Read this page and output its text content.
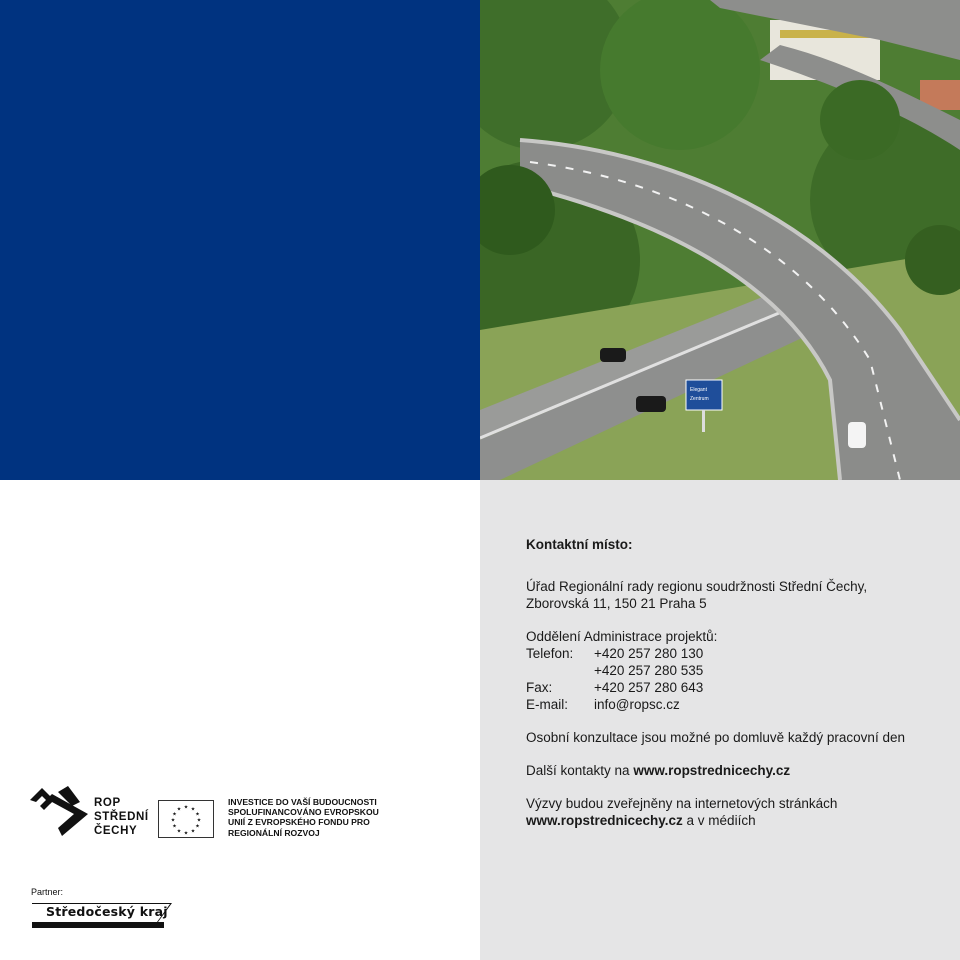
Elegant
Zentrum

Kontaktní místo:

Úřad Regionální rady regionu soudržnosti Střední Čechy,

Zborovská 11, 150 21 Praha 5

Oddělení Administrace projektů:

Telefon:	+420 257 280 130
+420 257 280 535
Fax:	+420 257 280 643
E-mail:	info@ropsc.cz

Osobní konzultace jsou možné po domluvě každý pracovní den

Další kontakty na www.ropstrednicechy.cz

Výzvy budou zveřejněny na internetových stránkách

www.ropstrednicechy.cz a v médiích

ROP
STŘEDNÍ
ČECHY
★ ★
★
★
★
★
★
★
★
★
★
★
INVESTICE DO VAŠÍ BUDOUCNOSTI
SPOLUFINANCOVÁNO EVROPSKOU
UNIÍ Z EVROPSKÉHO FONDU PRO
REGIONÁLNÍ ROZVOJ
Partner:
Středočeský kraj
